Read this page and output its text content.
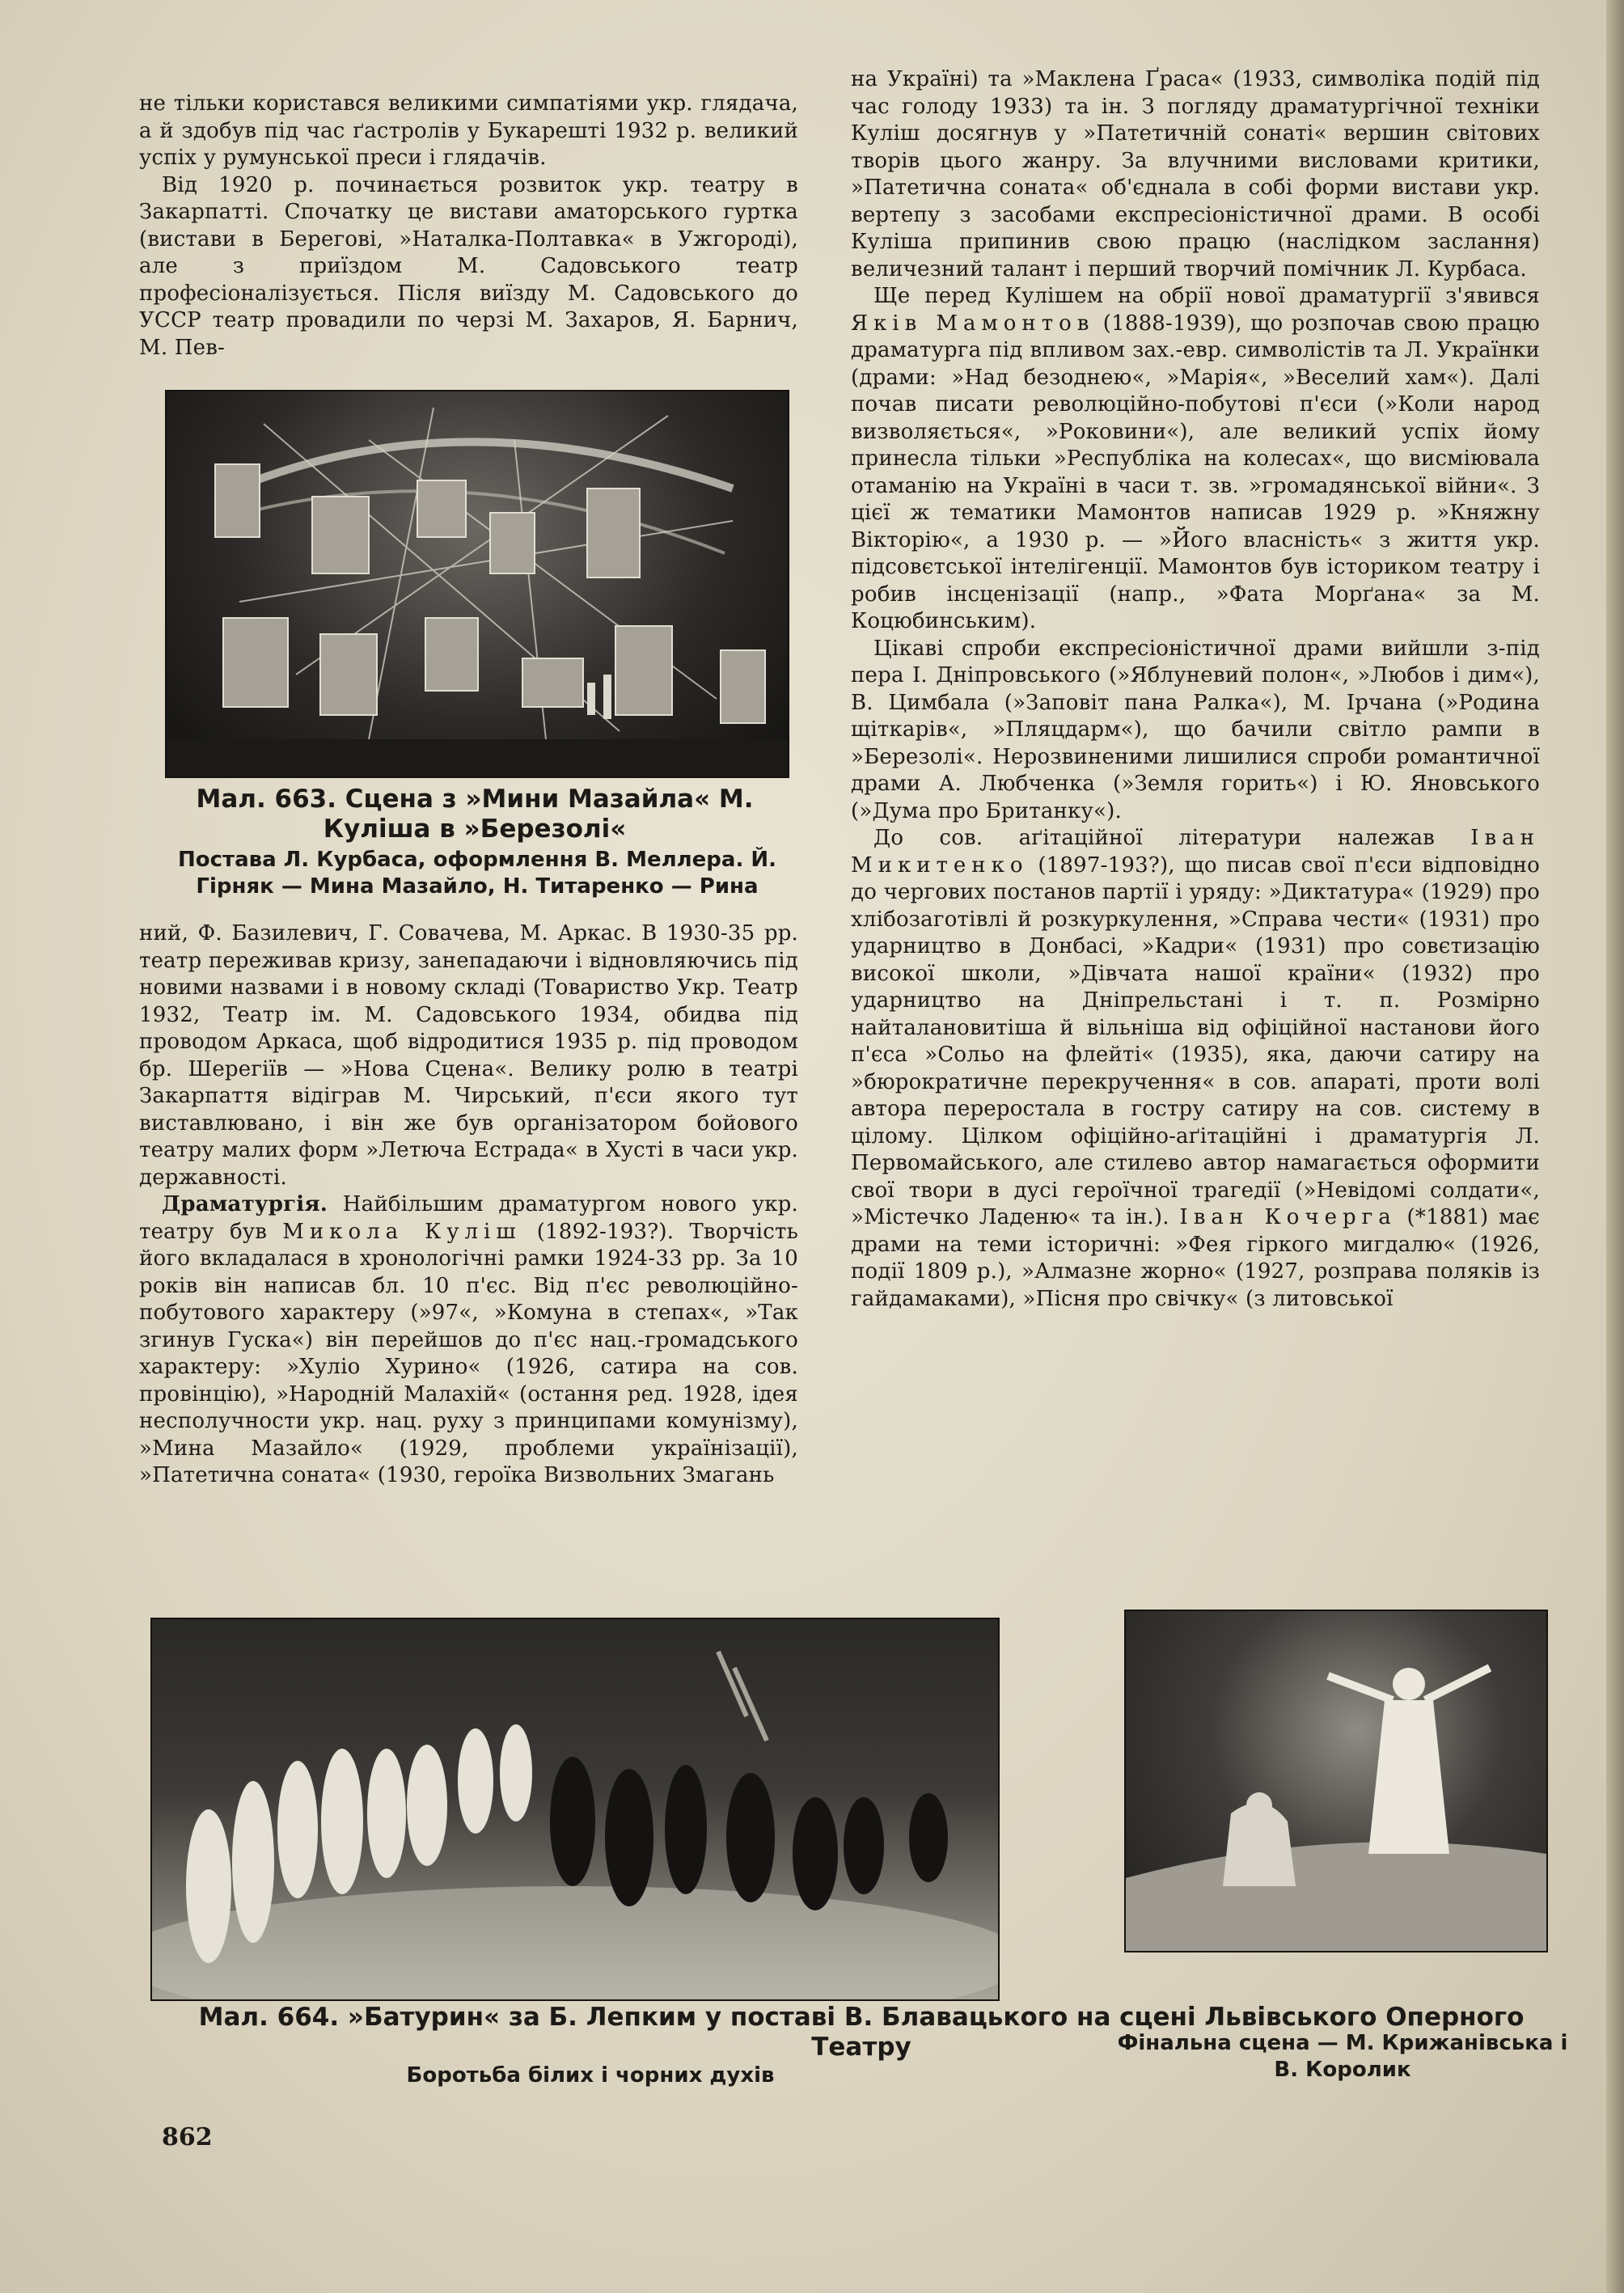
не тільки користався великими симпатіями укр. глядача, а й здобув під час ґастролів у Букарешті 1932 р. великий успіх у румунської преси і глядачів.

Від 1920 р. починається розвиток укр. театру в Закарпатті. Спочатку це вистави аматорського гуртка (вистави в Берегові, »Наталка-Полтавка« в Ужгороді), але з приїздом М. Садовського театр професіоналізується. Після виїзду М. Садовського до УССР театр провадили по черзі М. Захаров, Я. Барнич, М. Пев-

Мал. 663. Сцена з »Мини Мазайла« М. Куліша в »Березолі«
Постава Л. Курбаса, оформлення В. Меллера. Й. Гірняк — Мина Мазайло, Н. Титаренко — Рина

ний, Ф. Базилевич, Г. Совачева, М. Аркас. В 1930-35 рр. театр переживав кризу, занепадаючи і відновляючись під новими назвами і в новому складі (Товариство Укр. Театр 1932, Театр ім. М. Садовського 1934, обидва під проводом Аркаса, щоб відродитися 1935 р. під проводом бр. Шерегіїв — »Нова Сцена«. Велику ролю в театрі Закарпаття відіграв М. Чирський, п'єси якого тут виставлювано, і він же був організатором бойового театру малих форм »Летюча Естрада« в Хусті в часи укр. державності.

Драматургія. Найбільшим драматургом нового укр. театру був Микола Куліш (1892-193?). Творчість його вкладалася в хронологічні рамки 1924-33 рр. За 10 років він написав бл. 10 п'єс. Від п'єс революційно-побутового характеру (»97«, »Комуна в степах«, »Так згинув Гуска«) він перейшов до п'єс нац.-громадського характеру: »Хуліо Хурино« (1926, сатира на сов. провінцію), »Народній Малахій« (остання ред. 1928, ідея несполучности укр. нац. руху з принципами комунізму), »Мина Мазайло« (1929, проблеми українізації), »Патетична соната« (1930, героїка Визвольних Змагань

на Україні) та »Маклена Ґраса« (1933, символіка подій під час голоду 1933) та ін. З погляду драматургічної техніки Куліш досягнув у »Патетичній сонаті« вершин світових творів цього жанру. За влучними висловами критики, »Патетична соната« об'єднала в собі форми вистави укр. вертепу з засобами експресіоністичної драми. В особі Куліша припинив свою працю (наслідком заслання) величезний талант і перший творчий помічник Л. Курбаса.

Ще перед Кулішем на обрії нової драматургії з'явився Яків Мамонтов (1888-1939), що розпочав свою працю драматурга під впливом зах.-евр. символістів та Л. Українки (драми: »Над безоднею«, »Марія«, »Веселий хам«). Далі почав писати революційно-побутові п'єси (»Коли народ визволяється«, »Роковини«), але великий успіх йому принесла тільки »Республіка на колесах«, що висміювала отаманію на Україні в часи т. зв. »громадянської війни«. З цієї ж тематики Мамонтов написав 1929 р. »Княжну Вікторію«, а 1930 р. — »Його власність« з життя укр. підсовєтської інтелігенції. Мамонтов був істориком театру і робив інсценізації (напр., »Фата Морґана« за М. Коцюбинським).

Цікаві спроби експресіоністичної драми вийшли з-під пера І. Дніпровського (»Яблуневий полон«, »Любов і дим«), В. Цимбала (»Заповіт пана Ралка«), М. Ірчана (»Родина щіткарів«, »Пляцдарм«), що бачили світло рампи в »Березолі«. Нерозвиненими лишилися спроби романтичної драми А. Любченка (»Земля горить«) і Ю. Яновського (»Дума про Британку«).

До сов. аґітаційної літератури належав Іван Микитенко (1897-193?), що писав свої п'єси відповідно до чергових постанов партії і уряду: »Диктатура« (1929) про хлібозаготівлі й розкуркулення, »Справа чести« (1931) про ударництво в Донбасі, »Кадри« (1931) про совєтизацію високої школи, »Дівчата нашої країни« (1932) про ударництво на Дніпрельстані і т. п. Розмірно найталановитіша й вільніша від офіційної настанови його п'єса »Сольо на флейті« (1935), яка, даючи сатиру на »бюрократичне перекручення« в сов. апараті, проти волі автора переростала в гостру сатиру на сов. систему в цілому. Цілком офіційно-аґітаційні і драматургія Л. Первомайського, але стилево автор намагається оформити свої твори в дусі героїчної трагедії (»Невідомі солдати«, »Містечко Ладеню« та ін.). Іван Кочерга (*1881) має драми на теми історичні: »Фея гіркого мигдалю« (1926, події 1809 р.), »Алмазне жорно« (1927, розправа поляків із гайдамаками), »Пісня про свічку« (з литовської

Мал. 664. »Батурин« за Б. Лепким у поставі В. Блавацького на сцені Львівського Оперного Театру
Боротьба білих і чорних духів
Фінальна сцена — М. Крижанівська і В. Королик
862
